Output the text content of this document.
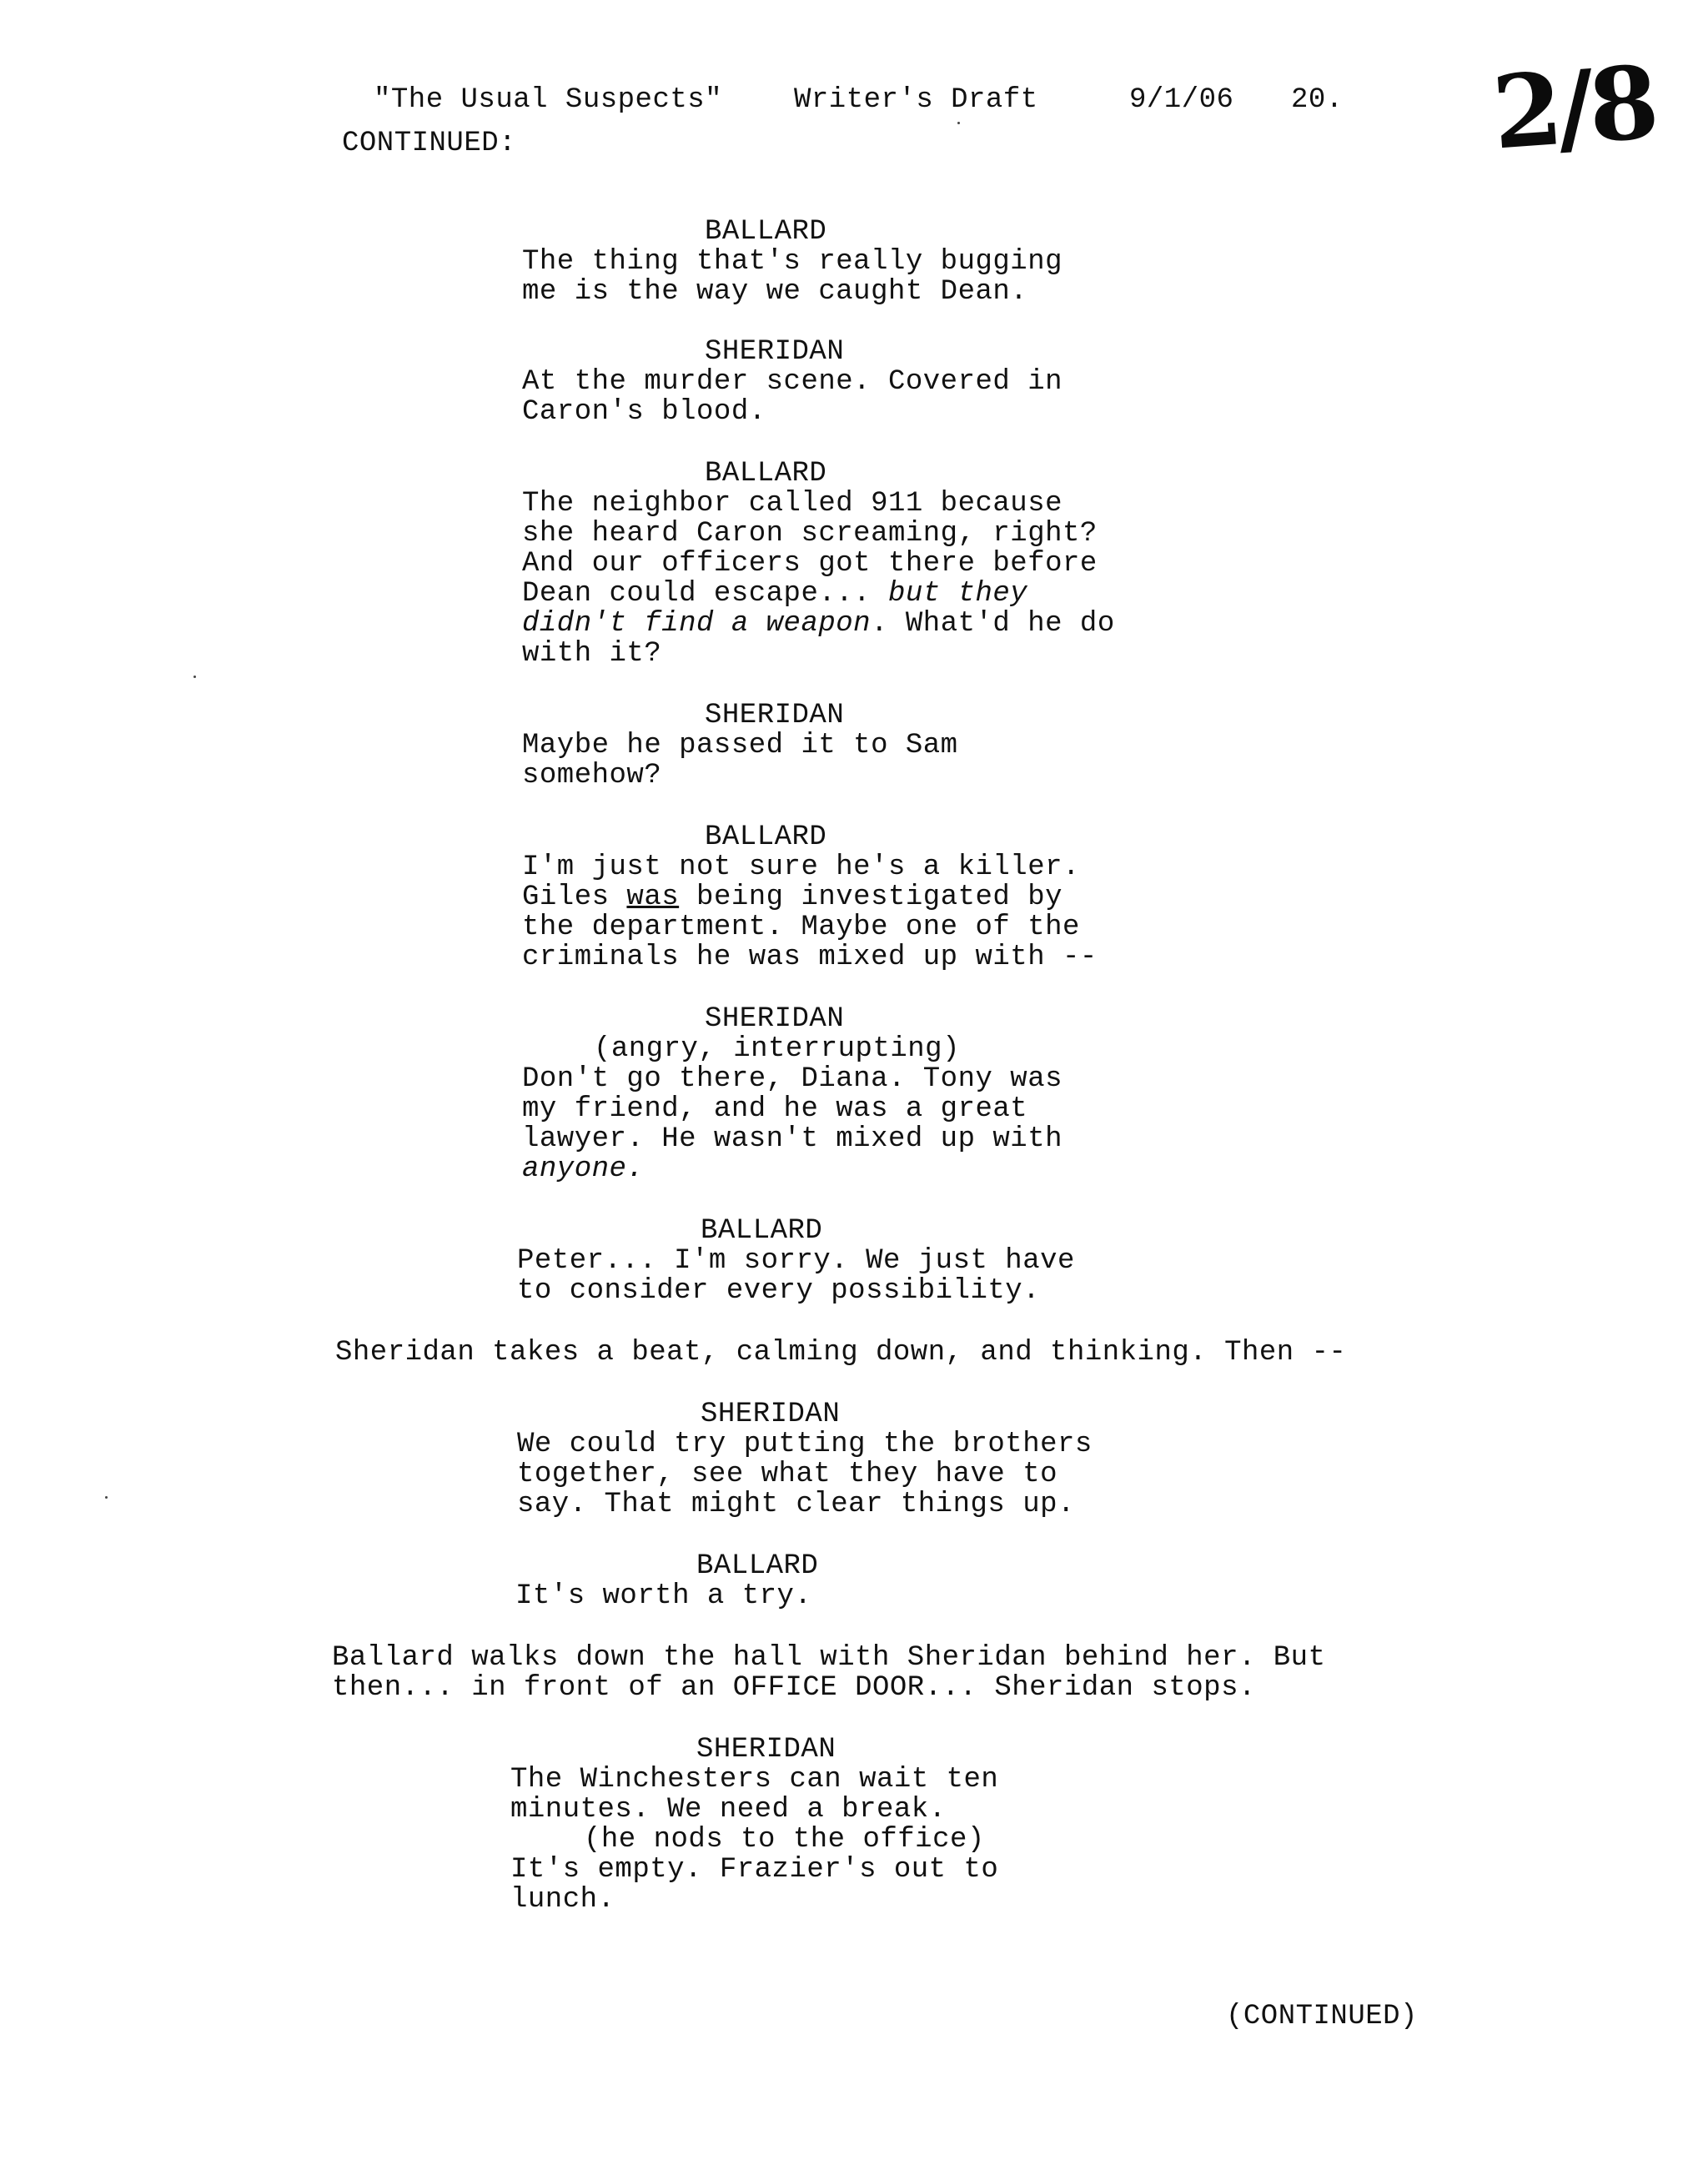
"The Usual Suspects"	Writer's Draft	9/1/06 20.
CONTINUED:	2/8
BALLARD
The thing that's really bugging
me is the way we caught Dean.
SHERIDAN
At the murder scene. Covered in
Caron's blood.
BALLARD
The neighbor called 911 because
she heard Caron screaming, right?
And our officers got there before
Dean could escape... but they
didn't find a weapon. What'd he do
with it?
SHERIDAN
Maybe he passed it to Sam
somehow?
BALLARD
I'm just not sure he's a killer.
Giles was being investigated by
the department. Maybe one of the
criminals he was mixed up with --
SHERIDAN
(angry, interrupting)
Don't go there, Diana. Tony was
my friend, and he was a great
lawyer. He wasn't mixed up with
anyone.
BALLARD
Peter... I'm sorry. We just have
to consider every possibility.
Sheridan takes a beat, calming down, and thinking. Then --
SHERIDAN
We could try putting the brothers
together, see what they have to
say. That might clear things up.
BALLARD
It's worth a try.
Ballard walks down the hall with Sheridan behind her. But
then... in front of an OFFICE DOOR... Sheridan stops.
SHERIDAN
The Winchesters can wait ten
minutes. We need a break.
(he nods to the office)
It's empty. Frazier's out to
lunch.
(CONTINUED)
